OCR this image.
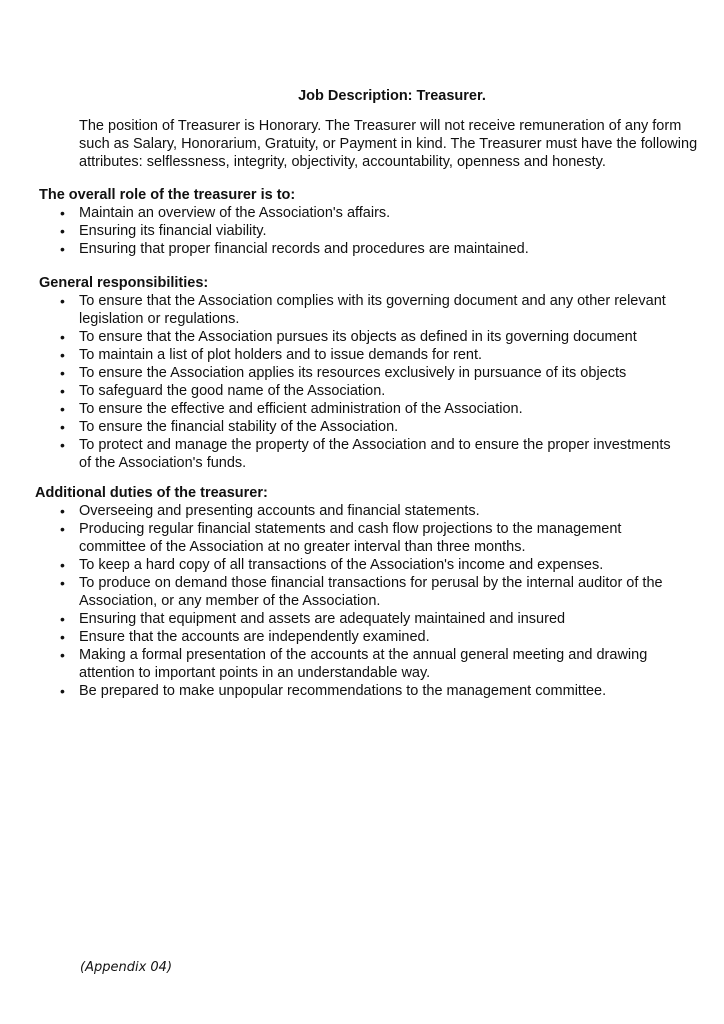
Job Description: Treasurer.
The position of Treasurer is Honorary. The Treasurer will not receive remuneration of any form such as Salary, Honorarium, Gratuity, or Payment in kind. The Treasurer must have the following attributes: selflessness, integrity, objectivity, accountability, openness and honesty.

The overall role of the treasurer is to:

• Maintain an overview of the Association's affairs.
• Ensuring its financial viability.
• Ensuring that proper financial records and procedures are maintained.

General responsibilities:

• To ensure that the Association complies with its governing document and any other relevant legislation or regulations.
• To ensure that the Association pursues its objects as defined in its governing document
• To maintain a list of plot holders and to issue demands for rent.
• To ensure the Association applies its resources exclusively in pursuance of its objects
• To safeguard the good name of the Association.
• To ensure the effective and efficient administration of the Association.
• To ensure the financial stability of the Association.
• To protect and manage the property of the Association and to ensure the proper investments of the Association's funds.

Additional duties of the treasurer:

• Overseeing and presenting accounts and financial statements.
• Producing regular financial statements and cash flow projections to the management committee of the Association at no greater interval than three months.
• To keep a hard copy of all transactions of the Association's income and expenses.
• To produce on demand those financial transactions for perusal by the internal auditor of the Association, or any member of the Association.
• Ensuring that equipment and assets are adequately maintained and insured
• Ensure that the accounts are independently examined.
• Making a formal presentation of the accounts at the annual general meeting and drawing attention to important points in an understandable way.
• Be prepared to make unpopular recommendations to the management committee.
(Appendix 04)
